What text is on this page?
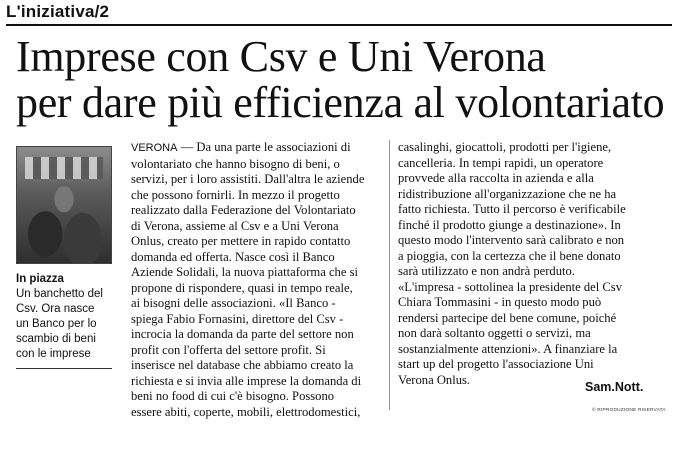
L'iniziativa/2
Imprese con Csv e Uni Verona
per dare più efficienza al volontariato
In piazza
Un banchetto del
Csv. Ora nasce
un Banco per lo
scambio di beni
con le imprese
VERONA — Da una parte le associazioni di
volontariato che hanno bisogno di beni, o
servizi, per i loro assistiti. Dall'altra le aziende
che possono fornirli. In mezzo il progetto
realizzato dalla Federazione del Volontariato
di Verona, assieme al Csv e a Uni Verona
Onlus, creato per mettere in rapido contatto
domanda ed offerta. Nasce così il Banco
Aziende Solidali, la nuova piattaforma che si
propone di rispondere, quasi in tempo reale,
ai bisogni delle associazioni. «Il Banco -
spiega Fabio Fornasini, direttore del Csv -
incrocia la domanda da parte del settore non
profit con l'offerta del settore profit. Si
inserisce nel database che abbiamo creato la
richiesta e si invia alle imprese la domanda di
beni no food di cui c'è bisogno. Possono
essere abiti, coperte, mobili, elettrodomestici,
casalinghi, giocattoli, prodotti per l'igiene,
cancelleria. In tempi rapidi, un operatore
provvede alla raccolta in azienda e alla
ridistribuzione all'organizzazione che ne ha
fatto richiesta. Tutto il percorso è verificabile
finché il prodotto giunge a destinazione». In
questo modo l'intervento sarà calibrato e non
a pioggia, con la certezza che il bene donato
sarà utilizzato e non andrà perduto.
«L'impresa - sottolinea la presidente del Csv
Chiara Tommasini - in questo modo può
rendersi partecipe del bene comune, poiché
non darà soltanto oggetti o servizi, ma
sostanzialmente attenzioni». A finanziare la
start up del progetto l'associazione Uni
Verona Onlus.
Sam.Nott.
© RIPRODUZIONE RISERVATA
